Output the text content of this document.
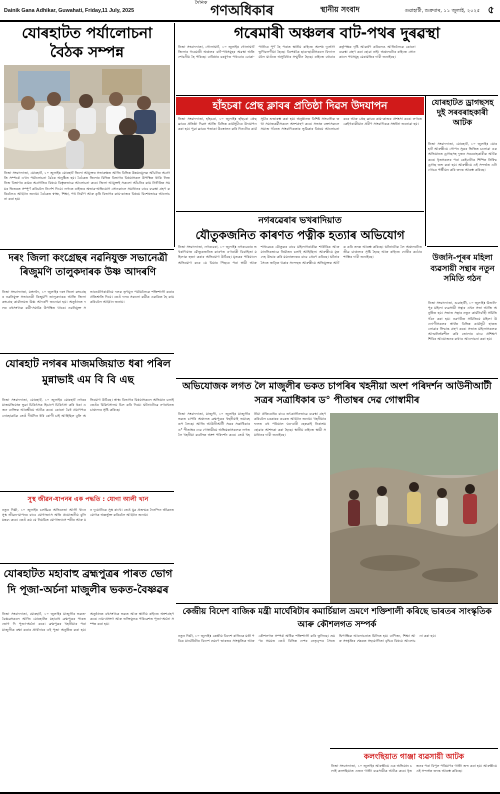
Dainik Gana Adhikar, Guwahati, Friday,11 July, 2025
দৈনিক গণঅধিকাৰ	স্থানীয় সংবাদ	গুৱাহাটী, শুক্ৰবাৰ, ১১ জুলাই, ২০২৫ ৫
যোৰহাটত পৰ্যালোচনা বৈঠক সম্পন্ন
নিজা সংবাদদাতা, যোৰহাট, ১০ জুলাইঃ যোৰহাট জিলা আয়ুক্তৰ সভাকক্ষত আজি বিভিন্ন উন্নয়নমূলক আঁচনিৰ অগ্ৰগতি সম্পৰ্কে এখন পৰ্যালোচনা বৈঠক অনুষ্ঠিত হয়। বৈঠকত জিলাৰ বিভিন্ন বিভাগৰ বিষয়াসকল উপস্থিত থাকি নিজ নিজ বিভাগৰ কামৰ অগ্ৰগতিৰ বিষয়ে বিস্তৃতভাৱে আলোচনা কৰে। জিলা আয়ুক্তই সকলো আঁচনিৰ কাম নিৰ্ধাৰিত সময়ৰ ভিতৰত সম্পূৰ্ণ কৰিবলৈ নিৰ্দেশ দিয়ে। লগতে ৰাইজৰ অভাৱ-অভিযোগ সোনকালে সমাধানৰ বাবে ব্যৱস্থা গ্ৰহণ কৰিবলৈও আহ্বান জনায়। বৈঠকত স্বাস্থ্য, শিক্ষা, পথ নিৰ্মাণ আৰু কৃষি বিভাগৰ কাম-কাজৰ বিষয়ে বিশেষভাৱে আলোচনা কৰা হয়।
গৰেমাৰী অঞ্চলৰ বাট-পথৰ দুৰৱস্থা
নিজা সংবাদদাতা, গোলাঘাট, ১০ জুলাইঃ গোলাঘাট জিলাৰ গৰেমাৰী অঞ্চলৰ বাট-পথসমূহৰ অৱস্থা অতি শোচনীয় হৈ পৰিছে। বাৰিষাৰ বৰষুণত পথবোৰ বোকা-পানীৰে পূৰ্ণ হৈ পৰাত স্থানীয় ৰাইজে অশেষ দুৰ্ভোগ ভুগিবলগীয়া হৈছে। বিশেষকৈ ছাত্ৰ-ছাত্ৰীসকলে বিদ্যালয়লৈ যাওঁতে অসুবিধাৰ সন্মুখীন হৈছে। ৰাইজে বহুবাৰ কৰ্তৃপক্ষৰ দৃষ্টি আকৰ্ষণ কৰিলেও আজিলৈকে কোনো ব্যৱস্থা গ্ৰহণ কৰা হোৱা নাই। অঞ্চলটোৰ ৰাইজে সোনকালে পথসমূহ মেৰামতিৰ দাবী জনাইছে।
হাঁহচৰা প্ৰেছ ক্লাবৰ প্ৰতিষ্ঠা দিৱস উদযাপন
নিজা সংবাদদাতা, হাঁহচৰা, ১০ জুলাইঃ হাঁহচৰা প্ৰেছ ক্লাবৰ প্ৰতিষ্ঠা দিৱস আজি বিভিন্ন কাৰ্যসূচীৰে উদযাপন কৰা হয়। পুৱা ক্লাবৰ পতাকা উত্তোলন কৰি দিনটোৰ কাৰ্যসূচীৰ শুভাৰম্ভ কৰা হয়। অনুষ্ঠানত বিশিষ্ট সাংবাদিক তথা সমাজকৰ্মীসকলে অংশগ্ৰহণ কৰে। সভাত বক্তাসকলে সমাজ গঠনত সাংবাদিকতাৰ ভূমিকাৰ বিষয়ে আলোচনা কৰে আৰু প্ৰেছ ক্লাবৰ কাম-কাজৰ প্ৰশংসা কৰে। লগতে কেইগৰাকীমান প্ৰবীণ সাংবাদিকক সম্বৰ্ধনা জনোৱা হয়।
যোৰহাটত ড্ৰাগছসহ দুই সৰবৰাহকাৰী আটক
নিজা সংবাদদাতা, যোৰহাট, ১০ জুলাইঃ যোৰহাট আৰক্ষীয়ে গোপন সূত্ৰৰ ভিত্তিত চলোৱা এক অভিযানত ড্ৰাগছসহ দুজন সৰবৰাহকাৰীক আটক কৰে। ধৃতসকলৰ পৰা কেইবাটাও শিশিত নিষিদ্ধ ড্ৰাগছ জব্দ কৰা হয়। আৰক্ষীয়ে এই সন্দৰ্ভত এটা গোচৰ পঞ্জীয়ন কৰি তদন্ত আৰম্ভ কৰিছে।
নগৰৱেৰাৰ ভখৰাদিয়াত
যৌতুকজনিত কাৰণত পত্নীক হত্যাৰ অভিযোগ
নিজা সংবাদদাতা, নগৰবেৰা, ১০ জুলাইঃ নগৰবেৰাৰ ভখৰাদিয়াত যৌতুকজনিত কাৰণত এগৰাকী বিবাহিতা মহিলাক হত্যা কৰাৰ অভিযোগ উঠিছে। মৃতকৰ পৰিয়ালে অভিযোগ কৰে যে বিয়াৰ পিছৰে পৰা স্বামী আৰু শাহুৱেকে যৌতুকৰ বাবে মহিলাগৰাকীক শাৰীৰিক আৰু মানসিকভাৱে নিৰ্যাতন চলাই আহিছিল। আৰক্ষীয়ে মৃতদেহ উদ্ধাৰ কৰি ময়নাতদন্তৰ বাবে প্ৰেৰণ কৰিছে। ঘটনাৰ সৈতে জড়িত থকাৰ সন্দেহত আৰক্ষীয়ে অভিযুক্তক আটক কৰি তদন্ত আৰম্ভ কৰিছে। ঘটনাটোক লৈ অঞ্চলটোত তীব্ৰ চাঞ্চল্যৰ সৃষ্টি হৈছে আৰু ৰাইজে দোষীৰ কঠোৰ শাস্তিৰ দাবী জনাইছে।	উজনি-পূৰৰ মহিলা ব্যৱসায়ী সন্থাৰ নতুন সমিতি গঠন
নিজা সংবাদদাতা, গুৱাহাটী, ১০ জুলাইঃ উজনি-পূৰ মহিলা ব্যৱসায়ী সন্থাৰ এখন সভা আজি অনুষ্ঠিত হয়। সভাত সন্থাৰ নতুন কাৰ্যনিৰ্বাহী সমিতি গঠন কৰা হয়। নৱগঠিত সমিতিয়ে মহিলা উদ্যোগীসকলৰ স্বাৰ্থত বিভিন্ন কাৰ্যসূচী হাতত লোৱাৰ সিদ্ধান্ত গ্ৰহণ কৰে। সভাত মহিলাসকলক আত্মনিৰ্ভৰশীল কৰি তোলাৰ বাবে প্ৰশিক্ষণ শিবিৰ আয়োজনৰ কথাও আলোচনা কৰা হয়।
দৰং জিলা কংগ্ৰেছৰ নৱনিযুক্ত সভানেত্ৰী ৰিজুমণি তালুকদাৰক উষ্ণ আদৰণি
নিজা সংবাদদাতা, মঙ্গলদৈ, ১০ জুলাইঃ দৰং জিলা কংগ্ৰেছৰ নৱনিযুক্ত সভানেত্ৰী ৰিজুমণি তালুকদাৰক আজি জিলা কংগ্ৰেছ কাৰ্যালয়ত উষ্ণ আদৰণি জনোৱা হয়। অনুষ্ঠানত দলৰ বহুসংখ্যক কৰ্মী-সমৰ্থক উপস্থিত থাকে। নৱনিযুক্ত সভানেত্ৰীগৰাকীয়ে দলক তৃণমূল পৰ্যায়লৈকে শক্তিশালী কৰাৰ প্ৰতিশ্ৰুতি দিয়ে। তেওঁ দলৰ সকলো কৰ্মীক একত্ৰিত হৈ কাম কৰিবলৈ আহ্বান জনায়।
যোৰহাট নগৰৰ মাজমজিয়াত ধৰা পৰিল মুন্নাভাই এম বি বি এছ
নিজা সংবাদদাতা, যোৰহাট, ১০ জুলাইঃ যোৰহাট নগৰৰ মাজমজিয়াত ভুৱা চিকিৎসক হিচাপে চিকিৎসা কৰি থকা এজন ব্যক্তিক আৰক্ষীয়ে আটক কৰে। কোনো বৈধ প্ৰমাণপত্ৰ নোহোৱাকৈ তেওঁ দীৰ্ঘদিন ধৰি ৰোগী চাই আহিছিল বুলি অভিযোগ উঠিছে। স্বাস্থ্য বিভাগৰ বিষয়াসকলে অভিযান চলাই তেওঁৰ চিকিৎসালয় চিল কৰি দিয়ে। ঘটনাটোৱে নগৰখনত চাঞ্চল্যৰ সৃষ্টি কৰিছে।
অভিযোজক লগত লৈ মাজুলীৰ ভকত চাপৰিৰ খহনীয়া অংশ পৰিদৰ্শন আউনীআটী সত্ৰৰ সত্ৰাধিকাৰ ড° পীতাম্বৰ দেৱ গোস্বামীৰ
নিজা সংবাদদাতা, মাজুলী, ১০ জুলাইঃ মাজুলীৰ ভকত চাপৰি অঞ্চলত ব্ৰহ্মপুত্ৰৰ খহনীয়াই ভয়াবহ ৰূপ লৈছে। আজি আউনীআটী সত্ৰৰ সত্ৰাধিকাৰ ড° পীতাম্বৰ দেৱ গোস্বামীয়ে অভিযন্তাসকলক লগত লৈ খহনীয়া কবলিত অংশ পৰিদৰ্শন কৰে। তেওঁ খহনীয়া প্ৰতিৰোধৰ বাবে তৎকালীনভাৱে ব্যৱস্থা গ্ৰহণ কৰিবলৈ চৰকাৰৰ ওচৰত আহ্বান জনায়। খহনীয়াৰ ফলত বহু পৰিয়াল ঘৰ-বাৰী হেৰুৱাই নিৰাশ্ৰয় হোৱাৰ আশংকা কৰা হৈছে। স্থানীয় ৰাইজে স্থায়ী সমাধানৰ দাবী জনাইছে।
সুস্থ জীৱন-যাপনৰ এক পদ্ধতি : যোগা আলী খান
নতুন দিল্লী, ১০ জুলাইঃ চলচ্চিত্ৰ অভিনেতা আলী খানে সুস্থ জীৱন-যাপনৰ বাবে যোগাভ্যাস অতি প্ৰয়োজনীয় বুলি মন্তব্য কৰে। তেওঁ কয় যে নিয়মিত যোগাভ্যাসে শৰীৰ আৰু মন দুয়োটাকে সুস্থ ৰাখে। তেওঁ যুৱ প্ৰজন্মক দৈনন্দিন জীৱনত যোগক অন্তৰ্ভুক্ত কৰিবলৈ আহ্বান জনায়।
যোৰহাটত মহাবাহু ব্ৰহ্মপুত্ৰৰ পাৰত ভোগ দি পূজা-অৰ্চনা মাজুলীৰ ভকত-বৈষ্ণৱৰ
নিজা সংবাদদাতা, যোৰহাট, ১০ জুলাইঃ মাজুলীৰ ভকত-বৈষ্ণৱসকলে আজি যোৰহাটত মহাবাহু ব্ৰহ্মপুত্ৰৰ পাৰত ভোগ দি পূজা-অৰ্চনা কৰে। ব্ৰহ্মপুত্ৰৰ খহনীয়াৰ পৰা মাজুলীক ৰক্ষা কৰাৰ প্ৰাৰ্থনাৰে এই পূজা অনুষ্ঠিত কৰা হয়। অনুষ্ঠানত বহুসংখ্যক ভকত আৰু স্থানীয় ৰাইজে অংশগ্ৰহণ কৰে। নাম-প্ৰসংগ আৰু ভক্তিমূলক পৰিৱেশত পূজা-অৰ্চনা সম্পন্ন কৰা হয়।
কেন্দ্ৰীয় বিদেশ বাজিক মন্ত্ৰী মাৰ্ঘেৰিটাৰ কমাৰ্চিয়াল ভ্ৰমণে শক্তিশালী কৰিছে ভাৰতৰ সাংস্কৃতিক আৰু কৌশলগত সম্পৰ্ক
নতুন দিল্লী, ১০ জুলাইঃ কেন্দ্ৰীয় বিদেশ ৰাজ্যিক মন্ত্ৰী পবিত্ৰ মাৰ্ঘেৰিটাৰ বিদেশ ভ্ৰমণে ভাৰতৰ সাংস্কৃতিক আৰু কৌশলগত সম্পৰ্ক অধিক শক্তিশালী কৰি তুলিছে। ভ্ৰমণৰ সময়ত তেওঁ বিভিন্ন দেশৰ নেতৃবৃন্দৰ সৈতে দ্বিপাক্ষিক আলোচনাত মিলিত হয়। বাণিজ্য, শিক্ষা আৰু সংস্কৃতিৰ ক্ষেত্ৰত সহযোগিতা বৃদ্ধিৰ বিষয়ে আলোচনা কৰা হয়।
কলংছিয়াত গাঞ্জা ব্যৱসায়ী আটক
নিজা সংবাদদাতা, ১০ জুলাইঃ আৰক্ষীয়ে এক অভিযান চলাই কলংছিয়াত এজন গাঞ্জা ব্যৱসায়ীক আটক কৰে। ধৃতজনৰ পৰা বিপুল পৰিমাণৰ গাঞ্জা জব্দ কৰা হয়। আৰক্ষীয়ে এই সন্দৰ্ভত তদন্ত আৰম্ভ কৰিছে।
